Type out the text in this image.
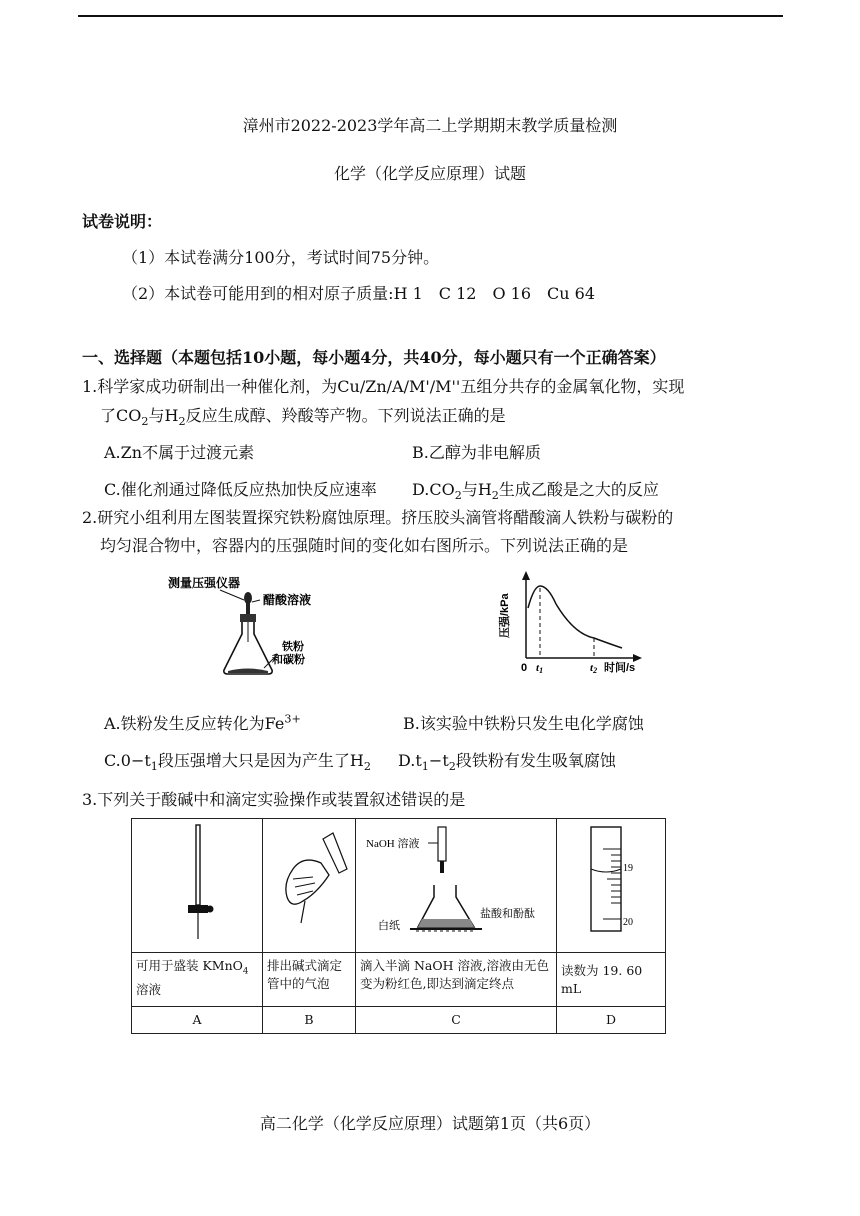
漳州市2022-2023学年高二上学期期末教学质量检测
化学（化学反应原理）试题
试卷说明：
（1）本试卷满分100分，考试时间75分钟。
（2）本试卷可能用到的相对原子质量:H 1　C 12　O 16　Cu 64
一、选择题（本题包括10小题，每小题4分，共40分，每小题只有一个正确答案）
1.科学家成功研制出一种催化剂，为Cu/Zn/A/M'/M''五组分共存的金属氧化物，实现
了$CO_2$与$H_2$反应生成醇、羚酸等产物。下列说法正确的是
A.Zn不属于过渡元素	B.乙醇为非电解质
C.催化剂通过降低反应热加快反应速率 $D.CO_2$与$H_2$生成乙酸是之大的反应
2.研究小组利用左图装置探究铁粉腐蚀原理。挤压胶头滴管将醋酸滴人铁粉与碳粉的
均匀混合物中，容器内的压强随时间的变化如右图所示。下列说法正确的是
测量压强仪器
醋酸溶液
铁粉
和碳粉
压强/kPa
0 t1	t2 时间/s
A.铁粉发生反应转化为$Fe^{3+}$	B.该实验中铁粉只发生电化学腐蚀
$C.0-t_1$段压强增大只是因为产生了$H_2$ $D.t_1-t_2$段铁粉有发生吸氧腐蚀
3.下列关于酸碱中和滴定实验操作或装置叙述错误的是

NaOH 溶液
白纸
盐酸和酚酞	19
20

可用于盛装 KMnO$_4$
溶液	排出碱式滴定管中的气泡	滴入半滴 NaOH 溶液,溶液由无色变为粉红色,即达到滴定终点	读数为 19. 60 mL
A	B	C	D
高二化学（化学反应原理）试题第1页（共6页）
